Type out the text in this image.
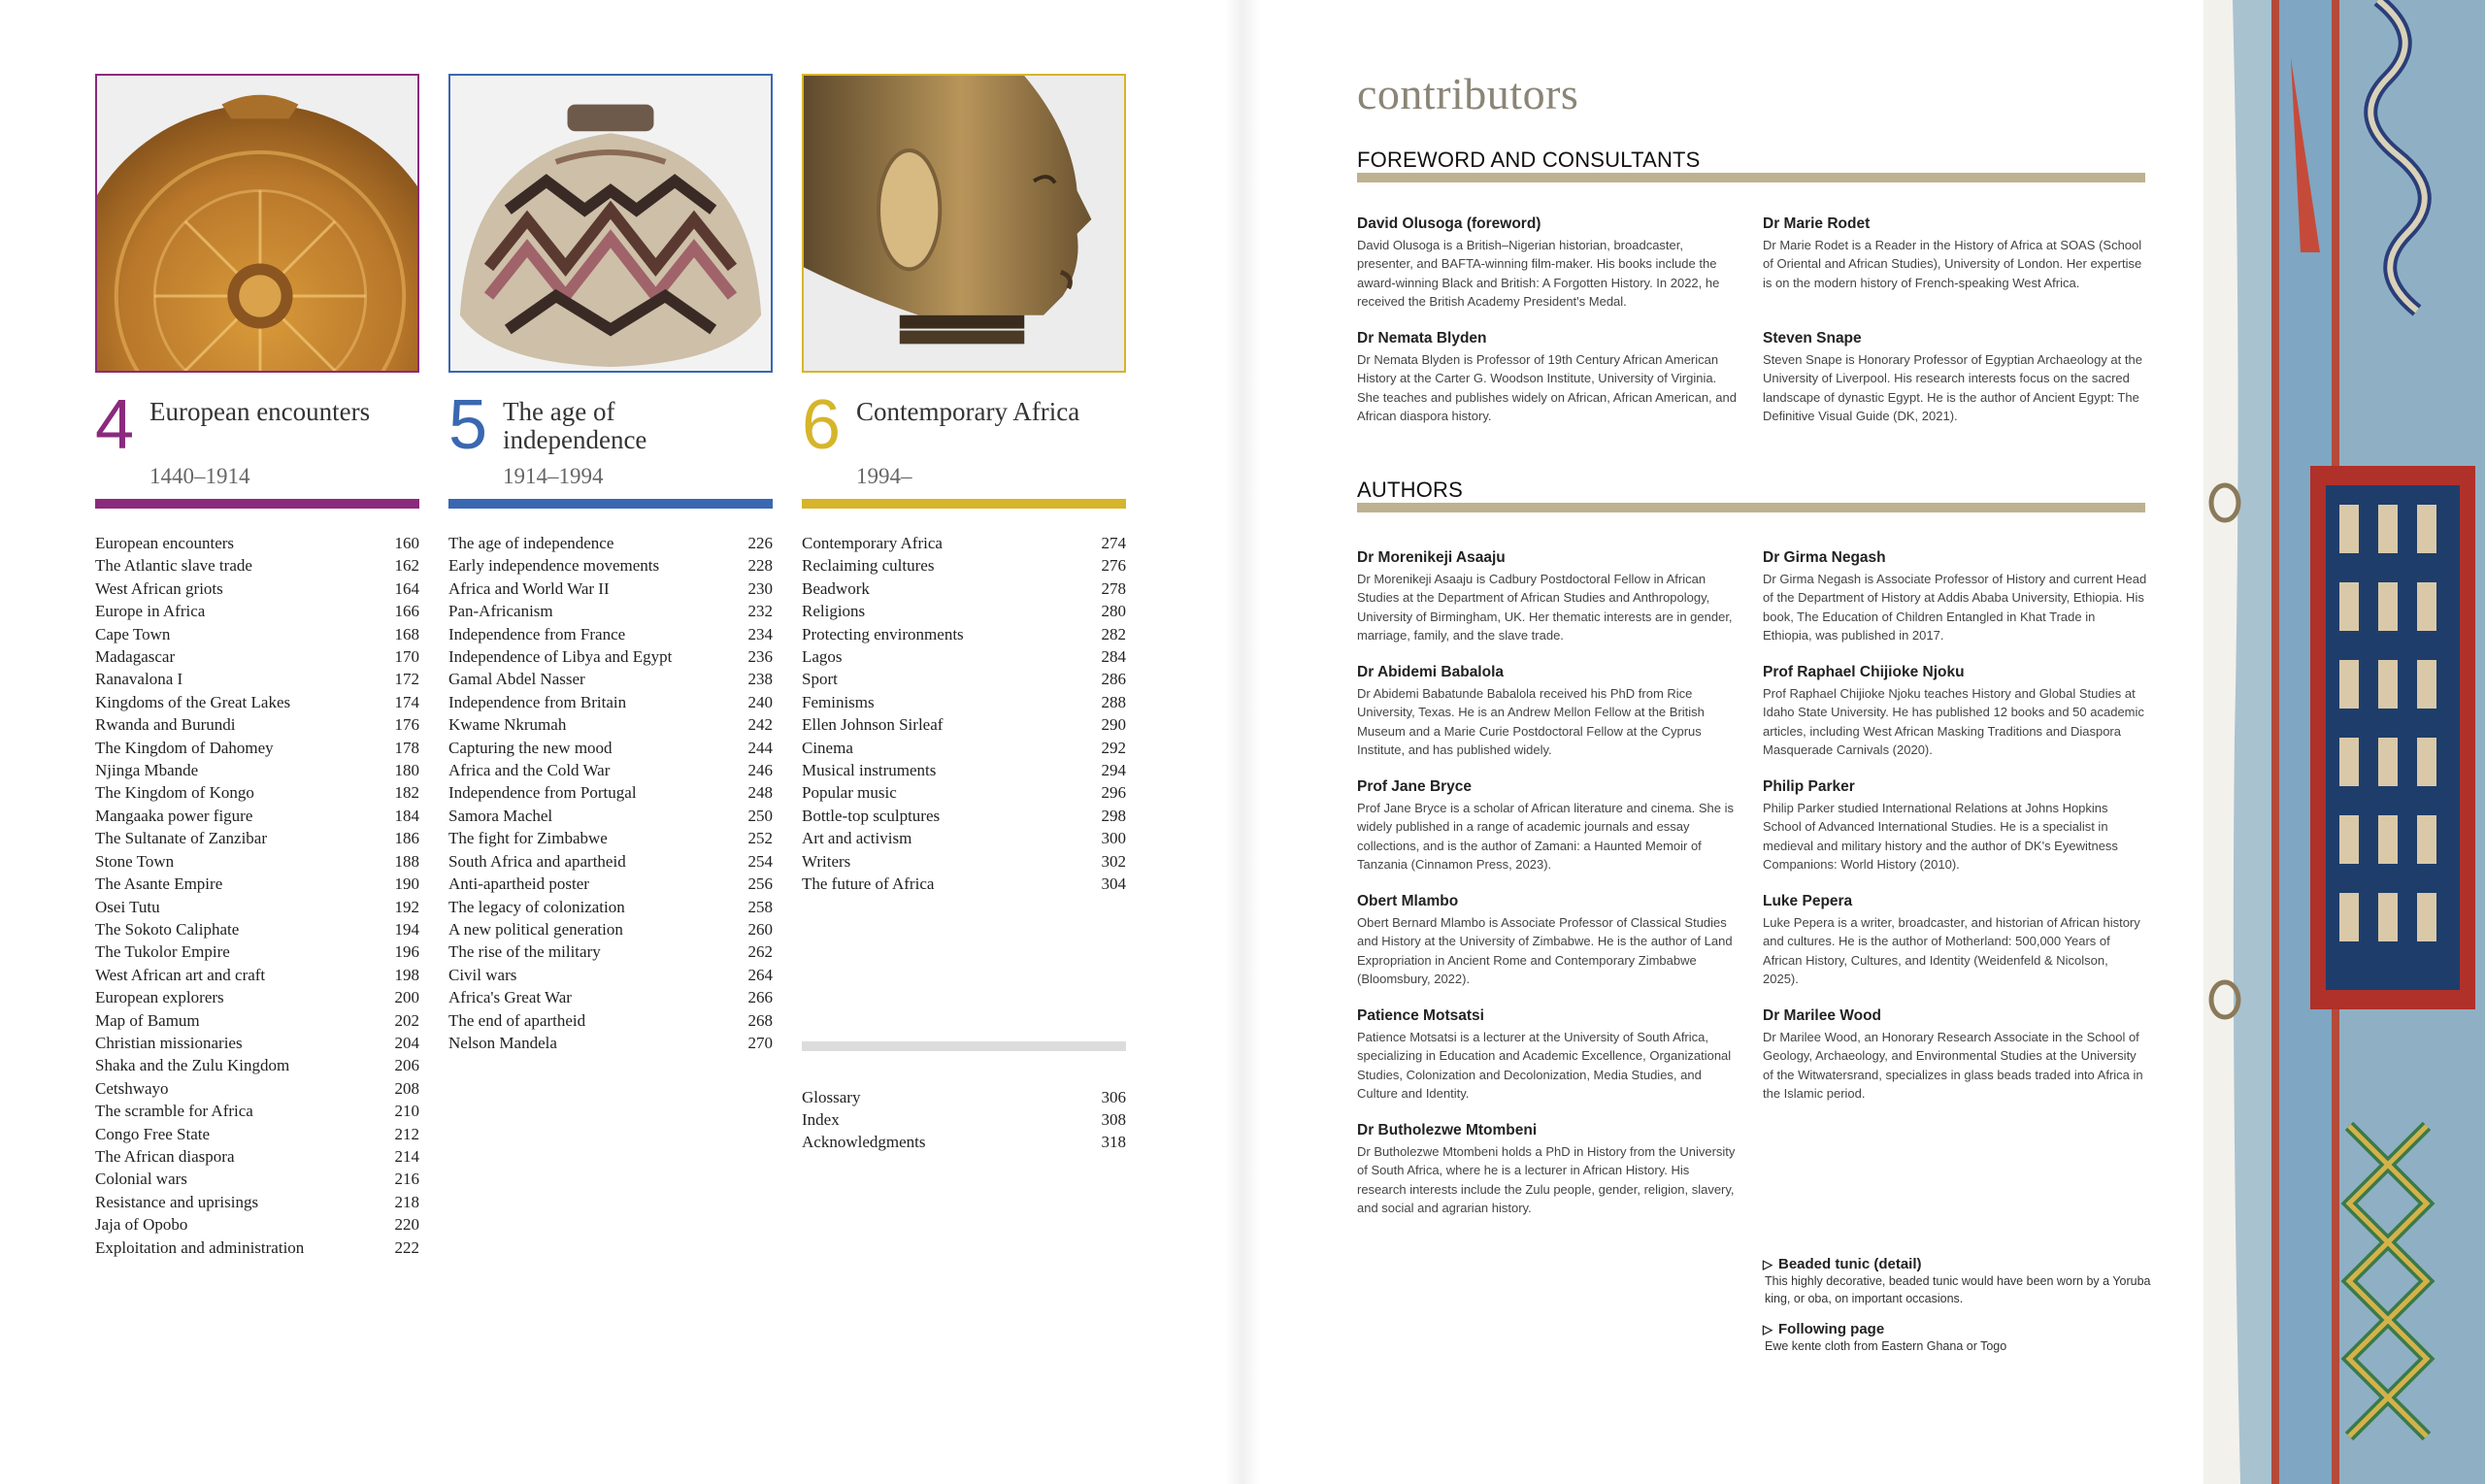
4 European encounters
1440–1914
European encounters	160
The Atlantic slave trade	162
West African griots	164
Europe in Africa	166
Cape Town	168
Madagascar	170
Ranavalona I	172
Kingdoms of the Great Lakes	174
Rwanda and Burundi	176
The Kingdom of Dahomey	178
Njinga Mbande	180
The Kingdom of Kongo	182
Mangaaka power figure	184
The Sultanate of Zanzibar	186
Stone Town	188
The Asante Empire	190
Osei Tutu	192
The Sokoto Caliphate	194
The Tukolor Empire	196
West African art and craft	198
European explorers	200
Map of Bamum	202
Christian missionaries	204
Shaka and the Zulu Kingdom	206
Cetshwayo	208
The scramble for Africa	210
Congo Free State	212
The African diaspora	214
Colonial wars	216
Resistance and uprisings	218
Jaja of Opobo	220
Exploitation and administration	222
5 The age of independence
1914–1994
The age of independence	226
Early independence movements	228
Africa and World War II	230
Pan-Africanism	232
Independence from France	234
Independence of Libya and Egypt	236
Gamal Abdel Nasser	238
Independence from Britain	240
Kwame Nkrumah	242
Capturing the new mood	244
Africa and the Cold War	246
Independence from Portugal	248
Samora Machel	250
The fight for Zimbabwe	252
South Africa and apartheid	254
Anti-apartheid poster	256
The legacy of colonization	258
A new political generation	260
The rise of the military	262
Civil wars	264
Africa's Great War	266
The end of apartheid	268
Nelson Mandela	270
6 Contemporary Africa
1994–
Contemporary Africa	274
Reclaiming cultures	276
Beadwork	278
Religions	280
Protecting environments	282
Lagos	284
Sport	286
Feminisms	288
Ellen Johnson Sirleaf	290
Cinema	292
Musical instruments	294
Popular music	296
Bottle-top sculptures	298
Art and activism	300
Writers	302
The future of Africa	304
Glossary	306
Index	308
Acknowledgments	318
contributors
FOREWORD AND CONSULTANTS
David Olusoga (foreword)
David Olusoga is a British–Nigerian historian, broadcaster, presenter, and BAFTA-winning film-maker. His books include the award-winning Black and British: A Forgotten History. In 2022, he received the British Academy President's Medal.
Dr Marie Rodet
Dr Marie Rodet is a Reader in the History of Africa at SOAS (School of Oriental and African Studies), University of London. Her expertise is on the modern history of French-speaking West Africa.
Dr Nemata Blyden
Dr Nemata Blyden is Professor of 19th Century African American History at the Carter G. Woodson Institute, University of Virginia. She teaches and publishes widely on African, African American, and African diaspora history.
Steven Snape
Steven Snape is Honorary Professor of Egyptian Archaeology at the University of Liverpool. His research interests focus on the sacred landscape of dynastic Egypt. He is the author of Ancient Egypt: The Definitive Visual Guide (DK, 2021).
AUTHORS
Dr Morenikeji Asaaju
Dr Morenikeji Asaaju is Cadbury Postdoctoral Fellow in African Studies at the Department of African Studies and Anthropology, University of Birmingham, UK. Her thematic interests are in gender, marriage, family, and the slave trade.
Dr Girma Negash
Dr Girma Negash is Associate Professor of History and current Head of the Department of History at Addis Ababa University, Ethiopia. His book, The Education of Children Entangled in Khat Trade in Ethiopia, was published in 2017.
Dr Abidemi Babalola
Dr Abidemi Babatunde Babalola received his PhD from Rice University, Texas. He is an Andrew Mellon Fellow at the British Museum and a Marie Curie Postdoctoral Fellow at the Cyprus Institute, and has published widely.
Prof Raphael Chijioke Njoku
Prof Raphael Chijioke Njoku teaches History and Global Studies at Idaho State University. He has published 12 books and 50 academic articles, including West African Masking Traditions and Diaspora Masquerade Carnivals (2020).
Prof Jane Bryce
Prof Jane Bryce is a scholar of African literature and cinema. She is widely published in a range of academic journals and essay collections, and is the author of Zamani: a Haunted Memoir of Tanzania (Cinnamon Press, 2023).
Philip Parker
Philip Parker studied International Relations at Johns Hopkins School of Advanced International Studies. He is a specialist in medieval and military history and the author of DK's Eyewitness Companions: World History (2010).
Obert Mlambo
Obert Bernard Mlambo is Associate Professor of Classical Studies and History at the University of Zimbabwe. He is the author of Land Expropriation in Ancient Rome and Contemporary Zimbabwe (Bloomsbury, 2022).
Luke Pepera
Luke Pepera is a writer, broadcaster, and historian of African history and cultures. He is the author of Motherland: 500,000 Years of African History, Cultures, and Identity (Weidenfeld & Nicolson, 2025).
Patience Motsatsi
Patience Motsatsi is a lecturer at the University of South Africa, specializing in Education and Academic Excellence, Organizational Studies, Colonization and Decolonization, Media Studies, and Culture and Identity.
Dr Marilee Wood
Dr Marilee Wood, an Honorary Research Associate in the School of Geology, Archaeology, and Environmental Studies at the University of the Witwatersrand, specializes in glass beads traded into Africa in the Islamic period.
Dr Butholezwe Mtombeni
Dr Butholezwe Mtombeni holds a PhD in History from the University of South Africa, where he is a lecturer in African History. His research interests include the Zulu people, gender, religion, slavery, and social and agrarian history.
▷ Beaded tunic (detail)
This highly decorative, beaded tunic would have been worn by a Yoruba king, or oba, on important occasions.
▷ Following page
Ewe kente cloth from Eastern Ghana or Togo
